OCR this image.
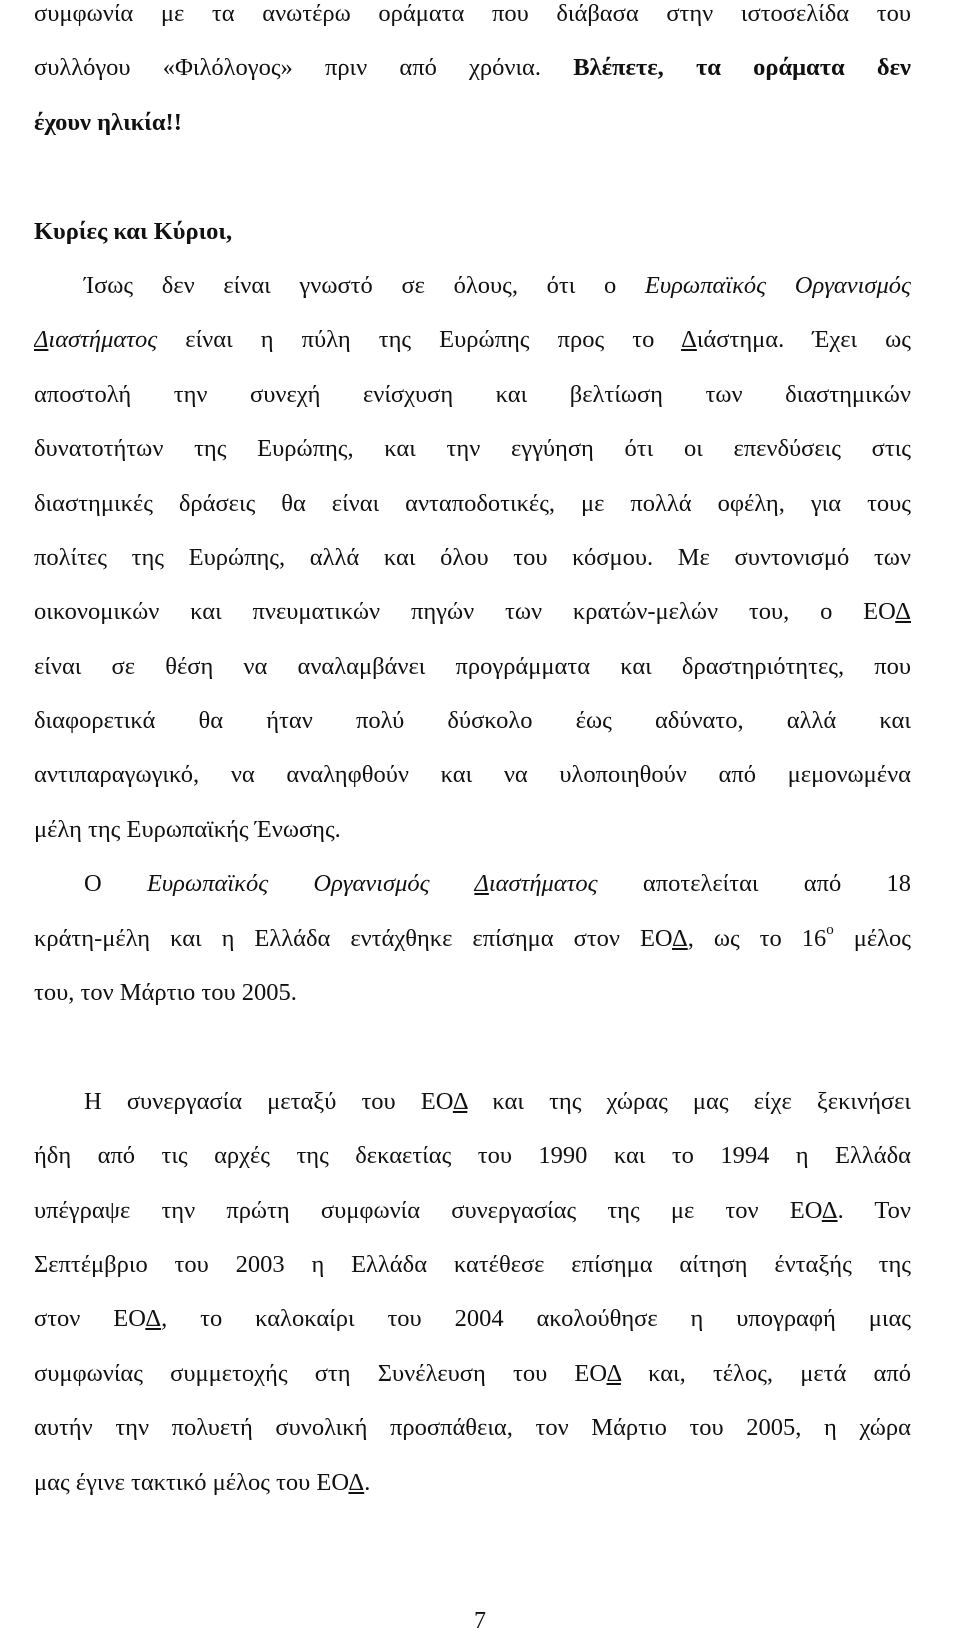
συμφωνία με τα ανωτέρω οράματα που διάβασα στην ιστοσελίδα του
συλλόγου «Φιλόλογος» πριν από χρόνια. Βλέπετε, τα οράματα δεν
έχουν ηλικία!!
Κυρίες και Κύριοι,
Ίσως δεν είναι γνωστό σε όλους, ότι ο Ευρωπαϊκός Οργανισμός
Διαστήματος είναι η πύλη της Ευρώπης προς το Διάστημα. Έχει ως
αποστολή την συνεχή ενίσχυση και βελτίωση των διαστημικών
δυνατοτήτων της Ευρώπης, και την εγγύηση ότι οι επενδύσεις στις
διαστημικές δράσεις θα είναι ανταποδοτικές, με πολλά οφέλη, για τους
πολίτες της Ευρώπης, αλλά και όλου του κόσμου. Με συντονισμό των
οικονομικών και πνευματικών πηγών των κρατών-μελών του, ο ΕΟΔ
είναι σε θέση να αναλαμβάνει προγράμματα και δραστηριότητες, που
διαφορετικά θα ήταν πολύ δύσκολο έως αδύνατο, αλλά και
αντιπαραγωγικό, να αναληφθούν και να υλοποιηθούν από μεμονωμένα
μέλη της Ευρωπαϊκής Ένωσης.
Ο Ευρωπαϊκός Οργανισμός Διαστήματος αποτελείται από 18
κράτη-μέλη και η Ελλάδα εντάχθηκε επίσημα στον ΕΟΔ, ως το $16^o$ μέλος
του, τον Μάρτιο του 2005.
Η συνεργασία μεταξύ του ΕΟΔ και της χώρας μας είχε ξεκινήσει
ήδη από τις αρχές της δεκαετίας του 1990 και το 1994 η Ελλάδα
υπέγραψε την πρώτη συμφωνία συνεργασίας της με τον ΕΟΔ. Τον
Σεπτέμβριο του 2003 η Ελλάδα κατέθεσε επίσημα αίτηση ένταξής της
στον ΕΟΔ, το καλοκαίρι του 2004 ακολούθησε η υπογραφή μιας
συμφωνίας συμμετοχής στη Συνέλευση του ΕΟΔ και, τέλος, μετά από
αυτήν την πολυετή συνολική προσπάθεια, τον Μάρτιο του 2005, η χώρα
μας έγινε τακτικό μέλος του ΕΟΔ.
7
